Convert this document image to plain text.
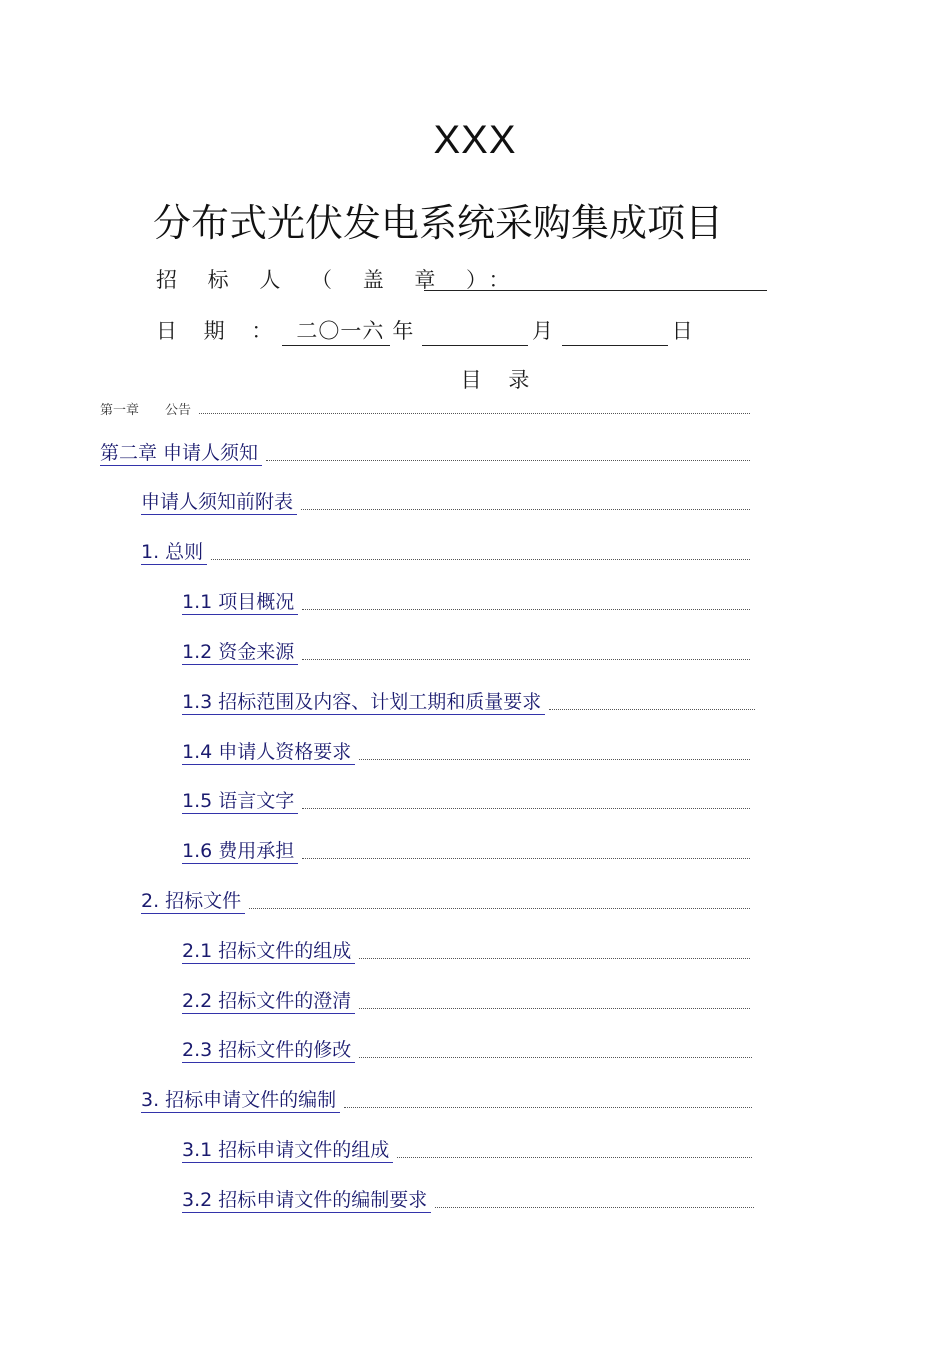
XXX
分布式光伏发电系统采购集成项目
招 标 人 （ 盖 章 ）：
日 期 ： 二〇一六 年	月	日
目 录
第一章	公告
第二章 申请人须知
申请人须知前附表
1. 总则
1.1 项目概况
1.2 资金来源
1.3 招标范围及内容、计划工期和质量要求
1.4 申请人资格要求
1.5 语言文字
1.6 费用承担
2. 招标文件
2.1 招标文件的组成
2.2 招标文件的澄清
2.3 招标文件的修改
3. 招标申请文件的编制
3.1 招标申请文件的组成
3.2 招标申请文件的编制要求
